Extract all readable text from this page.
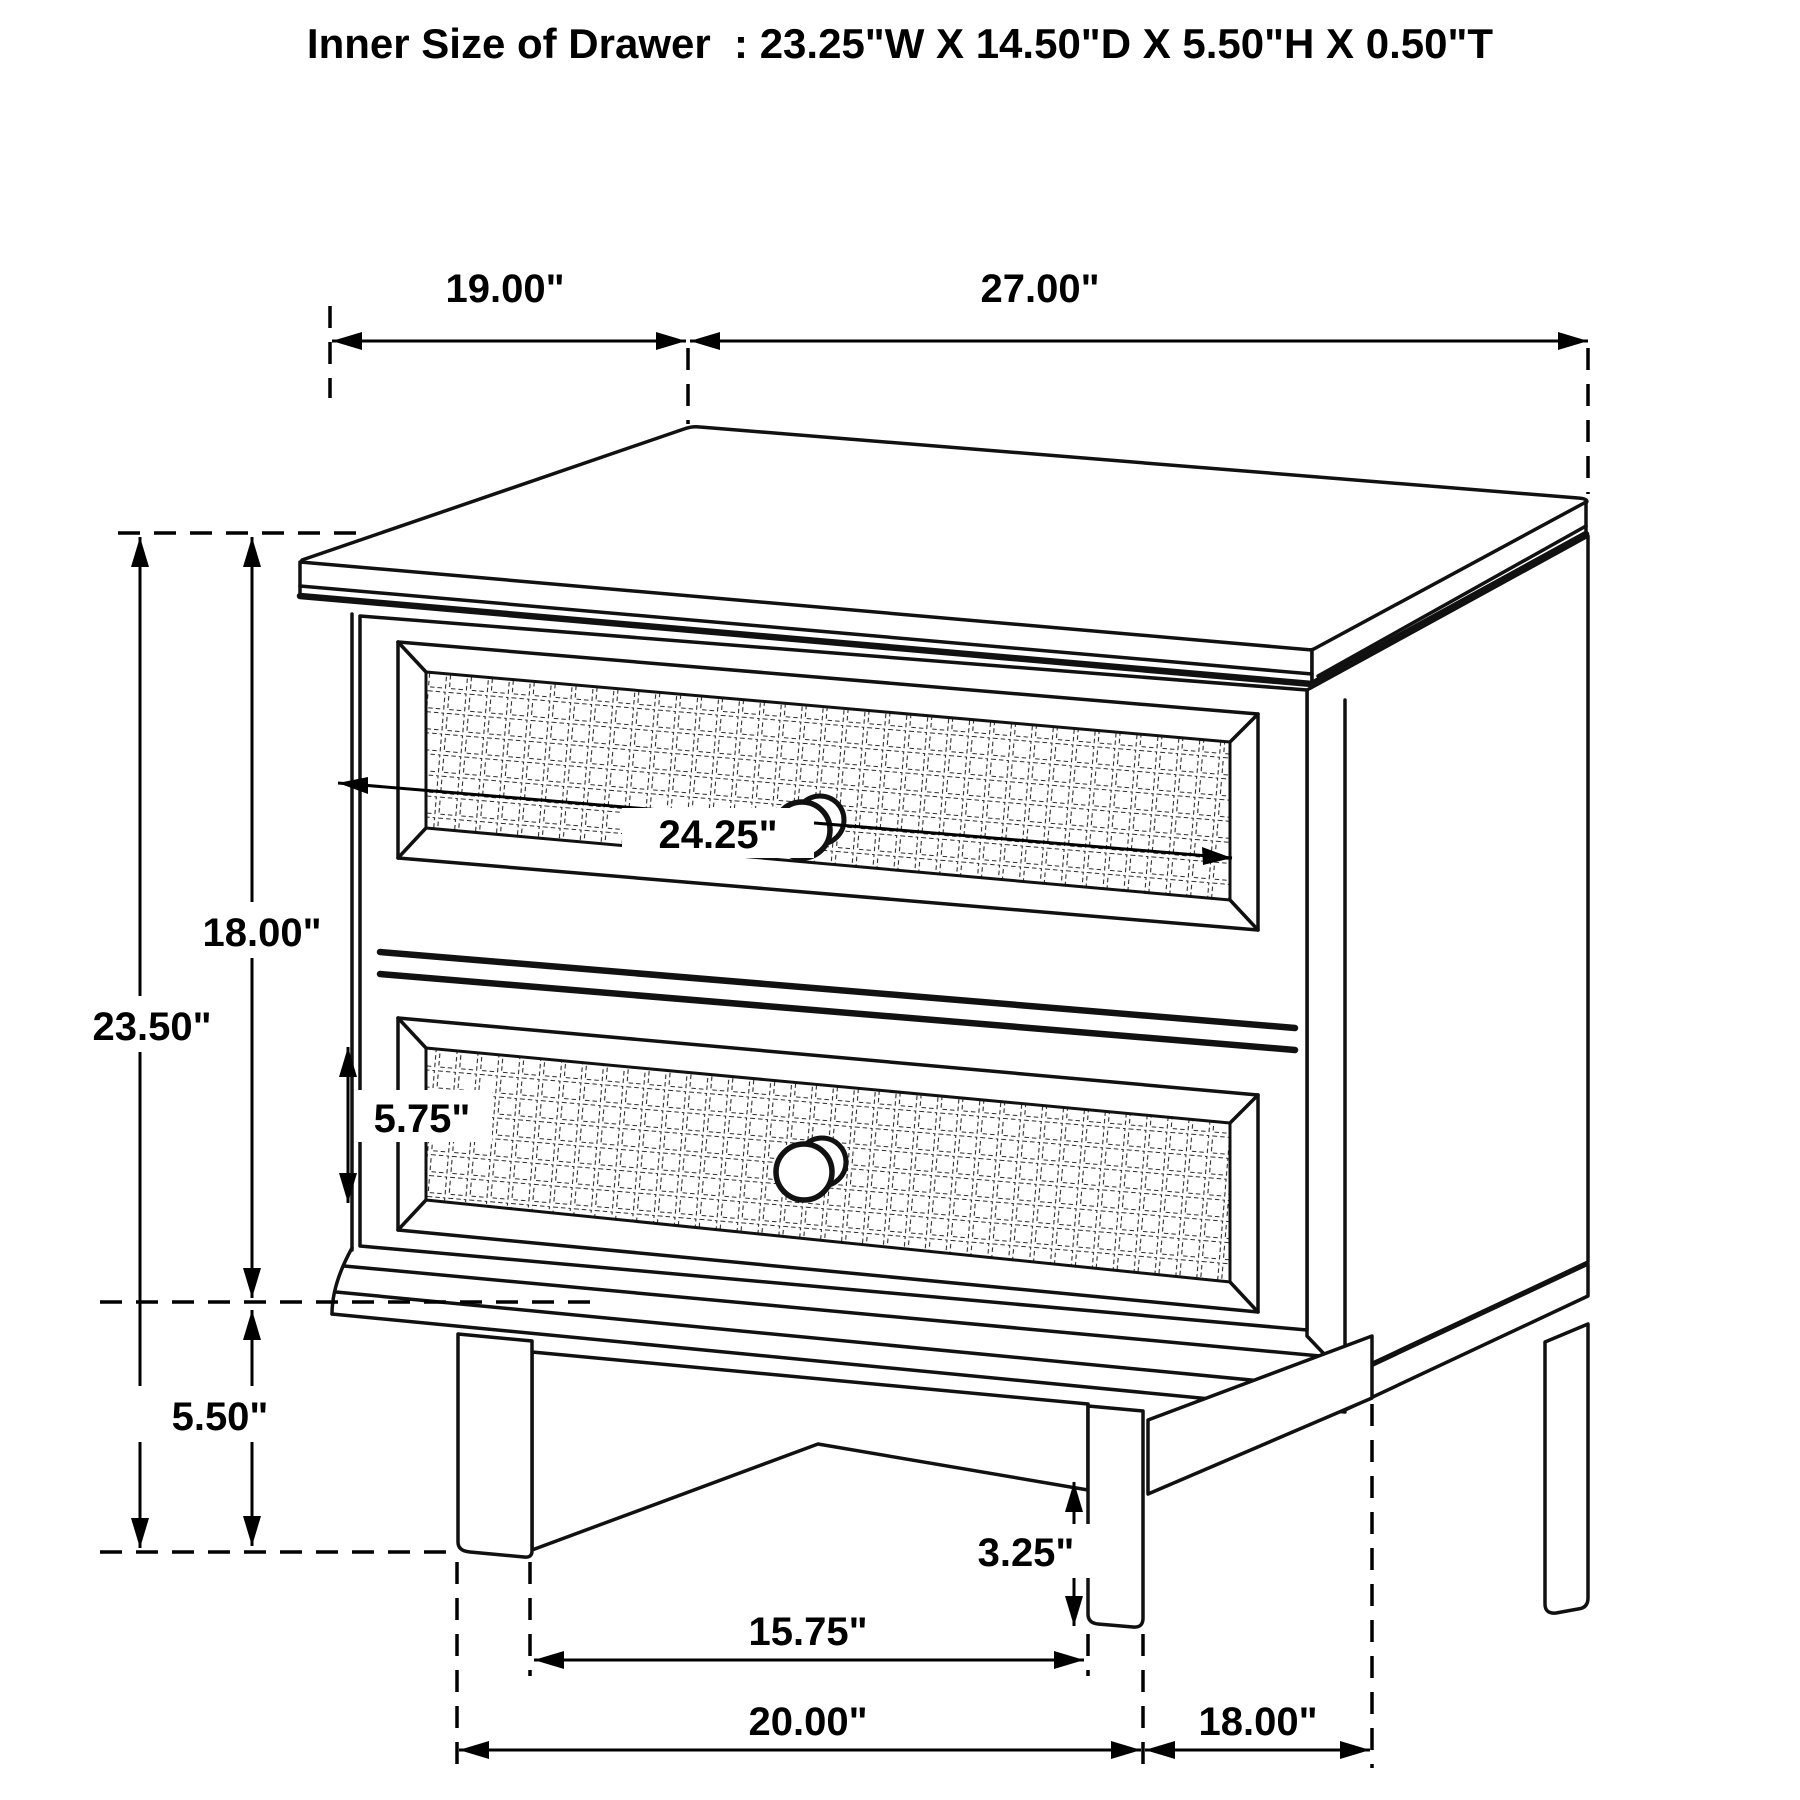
Inner Size of Drawer  : 23.25"W X 14.50"D X 5.50"H X 0.50"T
19.00"	27.00"
23.50"
18.00"
5.50"
24.25"
5.75"
3.25"
15.75"
20.00"	18.00"
